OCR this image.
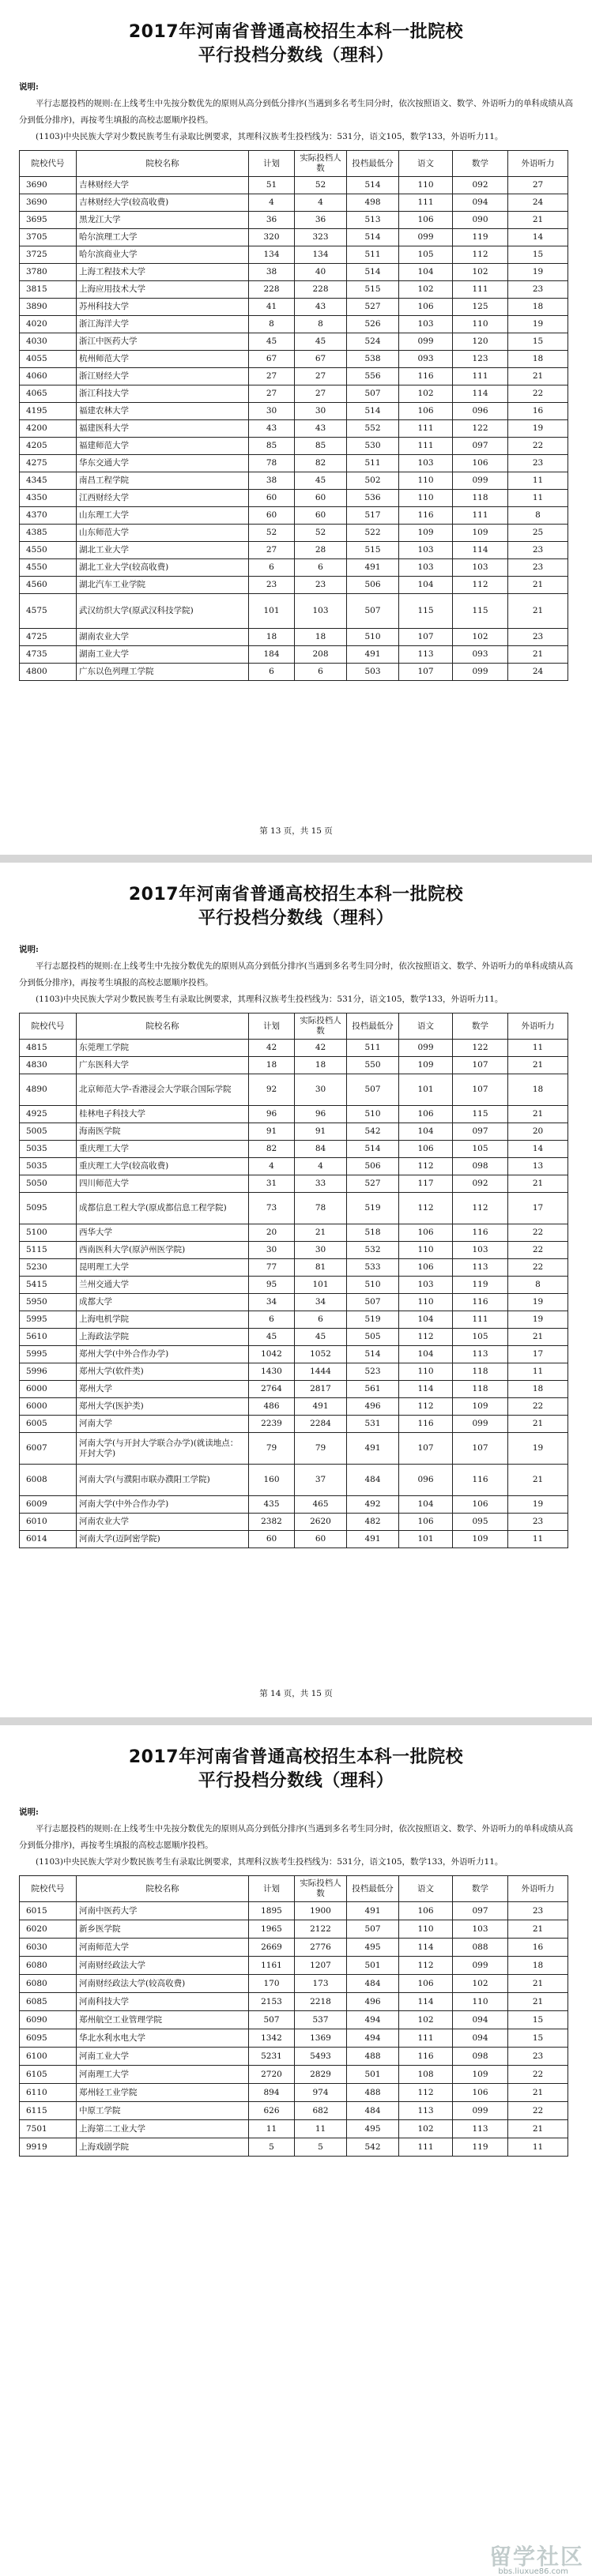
2017年河南省普通高校招生本科一批院校
平行投档分数线（理科）
说明:

平行志愿投档的规则:在上线考生中先按分数优先的原则从高分到低分排序(当遇到多名考生同分时，依次按照语文、数学、外语听力的单科成绩从高分到低分排序)，再按考生填报的高校志愿顺序投档。

(1103)中央民族大学对少数民族考生有录取比例要求，其理科汉族考生投档线为：531分，语文105，数学133，外语听力11。

院校代号	院校名称	计划	实际投档人数	投档最低分	语文	数学	外语听力
3690	吉林财经大学	51	52	514	110	092	27
3690	吉林财经大学(较高收费)	4	4	498	111	094	24
3695	黑龙江大学	36	36	513	106	090	21
3705	哈尔滨理工大学	320	323	514	099	119	14
3725	哈尔滨商业大学	134	134	511	105	112	15
3780	上海工程技术大学	38	40	514	104	102	19
3815	上海应用技术大学	228	228	515	102	111	23
3890	苏州科技大学	41	43	527	106	125	18
4020	浙江海洋大学	8	8	526	103	110	19
4030	浙江中医药大学	45	45	524	099	120	15
4055	杭州师范大学	67	67	538	093	123	18
4060	浙江财经大学	27	27	556	116	111	21
4065	浙江科技大学	27	27	507	102	114	22
4195	福建农林大学	30	30	514	106	096	16
4200	福建医科大学	43	43	552	111	122	19
4205	福建师范大学	85	85	530	111	097	22
4275	华东交通大学	78	82	511	103	106	23
4345	南昌工程学院	38	45	502	110	099	11
4350	江西财经大学	60	60	536	110	118	11
4370	山东理工大学	60	60	517	116	111	8
4385	山东师范大学	52	52	522	109	109	25
4550	湖北工业大学	27	28	515	103	114	23
4550	湖北工业大学(较高收费)	6	6	491	103	103	23
4560	湖北汽车工业学院	23	23	506	104	112	21
4575	武汉纺织大学(原武汉科技学院)	101	103	507	115	115	21
4725	湖南农业大学	18	18	510	107	102	23
4735	湖南工业大学	184	208	491	113	093	21
4800	广东以色列理工学院	6	6	503	107	099	24
第 13 页，共 15 页
2017年河南省普通高校招生本科一批院校
平行投档分数线（理科）
说明:

平行志愿投档的规则:在上线考生中先按分数优先的原则从高分到低分排序(当遇到多名考生同分时，依次按照语文、数学、外语听力的单科成绩从高分到低分排序)，再按考生填报的高校志愿顺序投档。

(1103)中央民族大学对少数民族考生有录取比例要求，其理科汉族考生投档线为：531分，语文105，数学133，外语听力11。

院校代号	院校名称	计划	实际投档人数	投档最低分	语文	数学	外语听力
4815	东莞理工学院	42	42	511	099	122	11
4830	广东医科大学	18	18	550	109	107	21
4890	北京师范大学-香港浸会大学联合国际学院	92	30	507	101	107	18
4925	桂林电子科技大学	96	96	510	106	115	21
5005	海南医学院	91	91	542	104	097	20
5035	重庆理工大学	82	84	514	106	105	14
5035	重庆理工大学(较高收费)	4	4	506	112	098	13
5050	四川师范大学	31	33	527	117	092	21
5095	成都信息工程大学(原成都信息工程学院)	73	78	519	112	112	17
5100	西华大学	20	21	518	106	116	22
5115	西南医科大学(原泸州医学院)	30	30	532	110	103	22
5230	昆明理工大学	77	81	533	106	113	22
5415	兰州交通大学	95	101	510	103	119	8
5950	成都大学	34	34	507	110	116	19
5995	上海电机学院	6	6	519	104	111	19
5610	上海政法学院	45	45	505	112	105	21
5995	郑州大学(中外合作办学)	1042	1052	514	104	113	17
5996	郑州大学(软件类)	1430	1444	523	110	118	11
6000	郑州大学	2764	2817	561	114	118	18
6000	郑州大学(医护类)	486	491	496	112	109	22
6005	河南大学	2239	2284	531	116	099	21
6007	河南大学(与开封大学联合办学)(就读地点：开封大学)	79	79	491	107	107	19
6008	河南大学(与濮阳市联办濮阳工学院)	160	37	484	096	116	21
6009	河南大学(中外合作办学)	435	465	492	104	106	19
6010	河南农业大学	2382	2620	482	106	095	23
6014	河南大学(迈阿密学院)	60	60	491	101	109	11
第 14 页，共 15 页
2017年河南省普通高校招生本科一批院校
平行投档分数线（理科）
说明:

平行志愿投档的规则:在上线考生中先按分数优先的原则从高分到低分排序(当遇到多名考生同分时，依次按照语文、数学、外语听力的单科成绩从高分到低分排序)，再按考生填报的高校志愿顺序投档。

(1103)中央民族大学对少数民族考生有录取比例要求，其理科汉族考生投档线为：531分，语文105，数学133，外语听力11。

院校代号	院校名称	计划	实际投档人数	投档最低分	语文	数学	外语听力
6015	河南中医药大学	1895	1900	491	106	097	23
6020	新乡医学院	1965	2122	507	110	103	21
6030	河南师范大学	2669	2776	495	114	088	16
6080	河南财经政法大学	1161	1207	501	112	099	18
6080	河南财经政法大学(较高收费)	170	173	484	106	102	21
6085	河南科技大学	2153	2218	496	114	110	21
6090	郑州航空工业管理学院	507	537	494	102	094	15
6095	华北水利水电大学	1342	1369	494	111	094	15
6100	河南工业大学	5231	5493	488	116	098	23
6105	河南理工大学	2720	2829	501	108	109	22
6110	郑州轻工业学院	894	974	488	112	106	21
6115	中原工学院	626	682	484	113	099	22
7501	上海第二工业大学	11	11	495	102	113	21
9919	上海戏剧学院	5	5	542	111	119	11
留学社区
bbs.liuxue86.com
